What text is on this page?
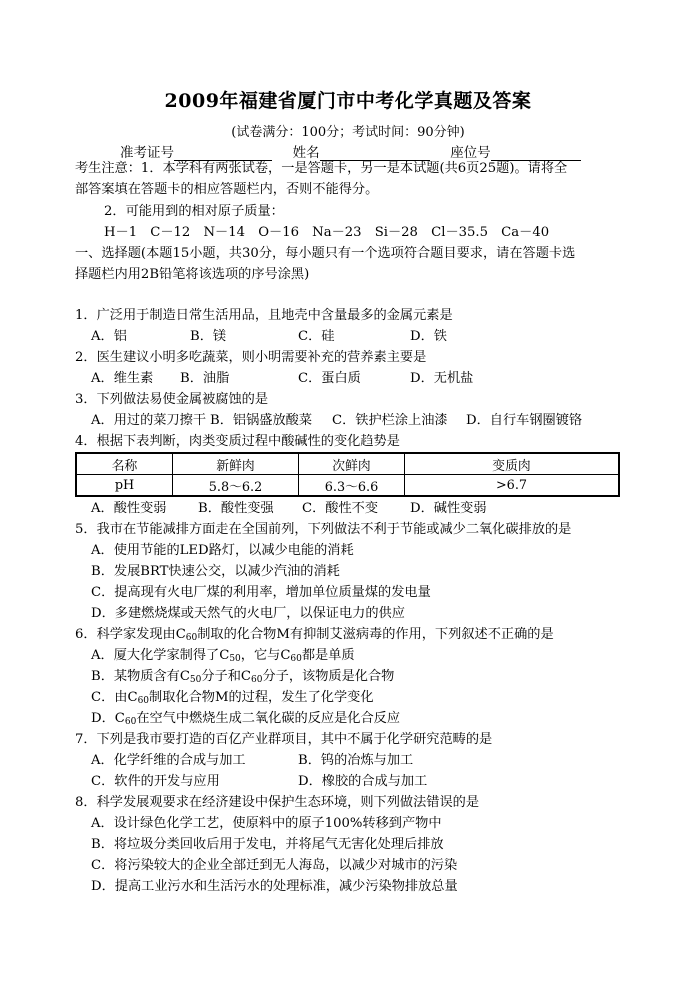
2009年福建省厦门市中考化学真题及答案
(试卷满分：100分；考试时间：90分钟)
准考证号	姓名	座位号
考生注意：1．本学科有两张试卷，一是答题卡，另一是本试题(共6页25题)。请将全
部答案填在答题卡的相应答题栏内，否则不能得分。
2．可能用到的相对原子质量：
H－1　C－12　N－14　O－16　Na－23　Si－28　Cl－35.5　Ca－40
一、选择题(本题15小题，共30分，每小题只有一个选项符合题目要求，请在答题卡选
择题栏内用2B铅笔将该选项的序号涂黑)
1．广泛用于制造日常生活用品，且地壳中含量最多的金属元素是
A．铝	B．镁	C．硅	D．铁
2．医生建议小明多吃蔬菜，则小明需要补充的营养素主要是
A．维生素 B．油脂	C．蛋白质	D．无机盐
3．下列做法易使金属被腐蚀的是
A．用过的菜刀擦干 B．铝锅盛放酸菜 C．铁护栏涂上油漆 D．自行车钢圈镀铬
4．根据下表判断，肉类变质过程中酸碱性的变化趋势是
名称	新鲜肉	次鲜肉	变质肉
pH	5.8～6.2	6.3～6.6	>6.7
A．酸性变弱 B．酸性变强 C．酸性不变 D．碱性变弱
5．我市在节能减排方面走在全国前列，下列做法不利于节能或减少二氧化碳排放的是
A．使用节能的LED路灯，以减少电能的消耗
B．发展BRT快速公交，以减少汽油的消耗
C．提高现有火电厂煤的利用率，增加单位质量煤的发电量
D．多建燃烧煤或天然气的火电厂，以保证电力的供应
6．科学家发现由$C_{60}$制取的化合物M有抑制艾滋病毒的作用，下列叙述不正确的是
A．厦大化学家制得了$C_{50}$，它与$C_{60}$都是单质
B．某物质含有$C_{50}$分子和$C_{60}$分子，该物质是化合物
C．由$C_{60}$制取化合物M的过程，发生了化学变化
D．$C_{60}$在空气中燃烧生成二氧化碳的反应是化合反应
7．下列是我市要打造的百亿产业群项目，其中不属于化学研究范畴的是
A．化学纤维的合成与加工	B．钨的冶炼与加工
C．软件的开发与应用	D．橡胶的合成与加工
8．科学发展观要求在经济建设中保护生态环境，则下列做法错误的是
A．设计绿色化学工艺，使原料中的原子100%转移到产物中
B．将垃圾分类回收后用于发电，并将尾气无害化处理后排放
C．将污染较大的企业全部迁到无人海岛，以减少对城市的污染
D．提高工业污水和生活污水的处理标准，减少污染物排放总量
